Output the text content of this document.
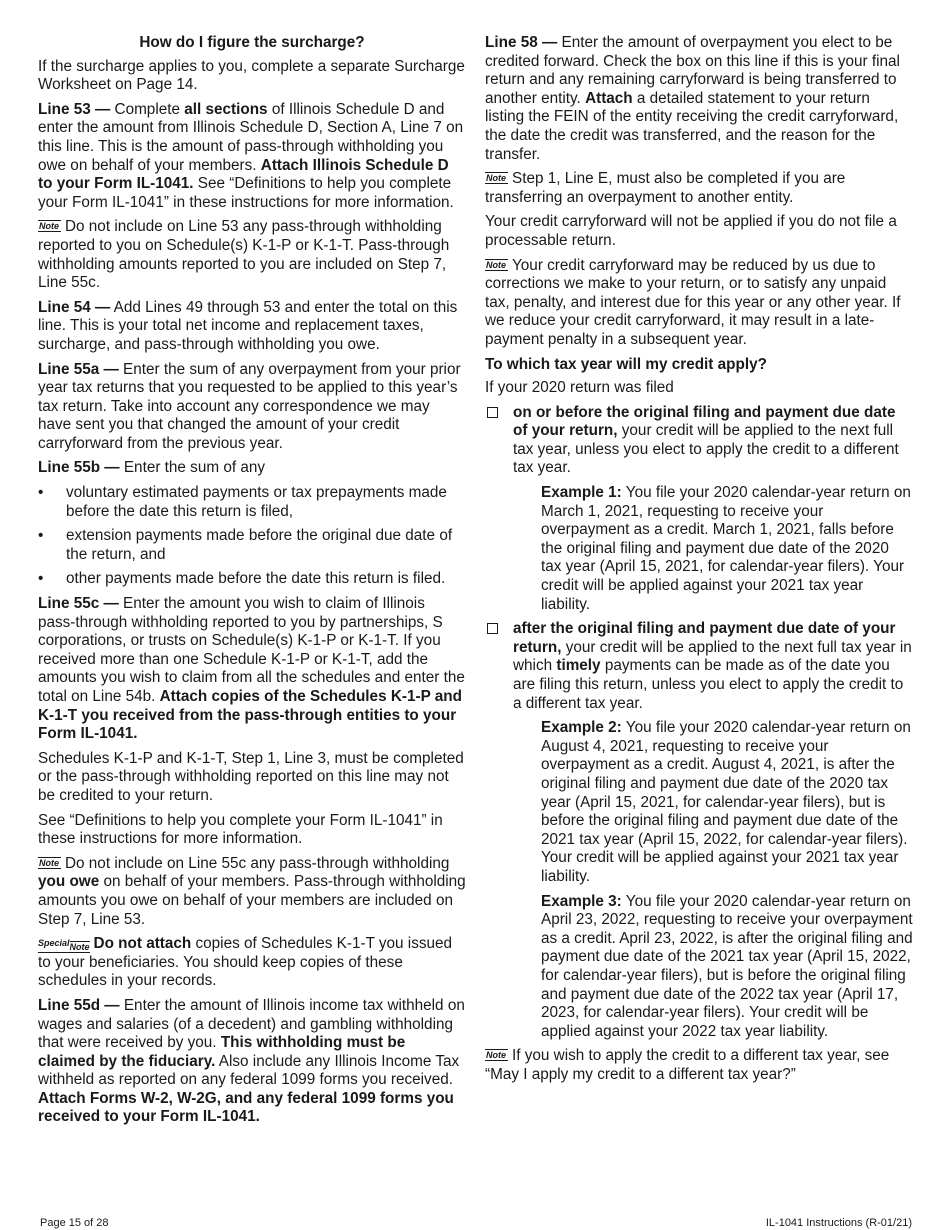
How do I figure the surcharge?

If the surcharge applies to you, complete a separate Surcharge Worksheet on Page 14.

Line 53 — Complete all sections of Illinois Schedule D and enter the amount from Illinois Schedule D, Section A, Line 7 on this line. This is the amount of pass-through withholding you owe on behalf of your members. Attach Illinois Schedule D to your Form IL-1041. See “Definitions to help you complete your Form IL-1041” in these instructions for more information.

Note Do not include on Line 53 any pass-through withholding reported to you on Schedule(s) K-1-P or K-1-T. Pass-through withholding amounts reported to you are included on Step 7, Line 55c.

Line 54 — Add Lines 49 through 53 and enter the total on this line. This is your total net income and replacement taxes, surcharge, and pass-through withholding you owe.

Line 55a — Enter the sum of any overpayment from your prior year tax returns that you requested to be applied to this year’s tax return. Take into account any correspondence we may have sent you that changed the amount of your credit carryforward from the previous year.

Line 55b — Enter the sum of any

• voluntary estimated payments or tax prepayments made before the date this return is filed,
• extension payments made before the original due date of the return, and
• other payments made before the date this return is filed.

Line 55c — Enter the amount you wish to claim of Illinois pass-through withholding reported to you by partnerships, S corporations, or trusts on Schedule(s) K-1-P or K-1-T. If you received more than one Schedule K-1-P or K-1-T, add the amounts you wish to claim from all the schedules and enter the total on Line 54b. Attach copies of the Schedules K-1-P and K-1-T you received from the pass-through entities to your Form IL-1041.

Schedules K-1-P and K-1-T, Step 1, Line 3, must be completed or the pass-through withholding reported on this line may not be credited to your return.

See “Definitions to help you complete your Form IL-1041” in these instructions for more information.

Note Do not include on Line 55c any pass-through withholding you owe on behalf of your members. Pass-through withholding amounts you owe on behalf of your members are included on Step 7, Line 53.

SpecialNote Do not attach copies of Schedules K-1-T you issued to your beneficiaries. You should keep copies of these schedules in your records.

Line 55d — Enter the amount of Illinois income tax withheld on wages and salaries (of a decedent) and gambling withholding that were received by you. This withholding must be claimed by the fiduciary. Also include any Illinois Income Tax withheld as reported on any federal 1099 forms you received. Attach Forms W-2, W-2G, and any federal 1099 forms you received to your Form IL-1041.

Line 58 — Enter the amount of overpayment you elect to be credited forward. Check the box on this line if this is your final return and any remaining carryforward is being transferred to another entity. Attach a detailed statement to your return listing the FEIN of the entity receiving the credit carryforward, the date the credit was transferred, and the reason for the transfer.

Note Step 1, Line E, must also be completed if you are transferring an overpayment to another entity.

Your credit carryforward will not be applied if you do not file a processable return.

Note Your credit carryforward may be reduced by us due to corrections we make to your return, or to satisfy any unpaid tax, penalty, and interest due for this year or any other year. If we reduce your credit carryforward, it may result in a late-payment penalty in a subsequent year.

To which tax year will my credit apply?

If your 2020 return was filed

on or before the original filing and payment due date of your return, your credit will be applied to the next full tax year, unless you elect to apply the credit to a different tax year.
Example 1: You file your 2020 calendar-year return on March 1, 2021, requesting to receive your overpayment as a credit. March 1, 2021, falls before the original filing and payment due date of the 2020 tax year (April 15, 2021, for calendar-year filers). Your credit will be applied against your 2021 tax year liability.
after the original filing and payment due date of your return, your credit will be applied to the next full tax year in which timely payments can be made as of the date you are filing this return, unless you elect to apply the credit to a different tax year.
Example 2: You file your 2020 calendar-year return on August 4, 2021, requesting to receive your overpayment as a credit. August 4, 2021, is after the original filing and payment due date of the 2020 tax year (April 15, 2021, for calendar-year filers), but is before the original filing and payment due date of the 2021 tax year (April 15, 2022, for calendar-year filers). Your credit will be applied against your 2021 tax year liability.
Example 3: You file your 2020 calendar-year return on April 23, 2022, requesting to receive your overpayment as a credit. April 23, 2022, is after the original filing and payment due date of the 2021 tax year (April 15, 2022, for calendar-year filers), but is before the original filing and payment due date of the 2022 tax year (April 17, 2023, for calendar-year filers). Your credit will be applied against your 2022 tax year liability.

Note If you wish to apply the credit to a different tax year, see “May I apply my credit to a different tax year?”

Page 15 of 28	IL-1041 Instructions (R-01/21)
